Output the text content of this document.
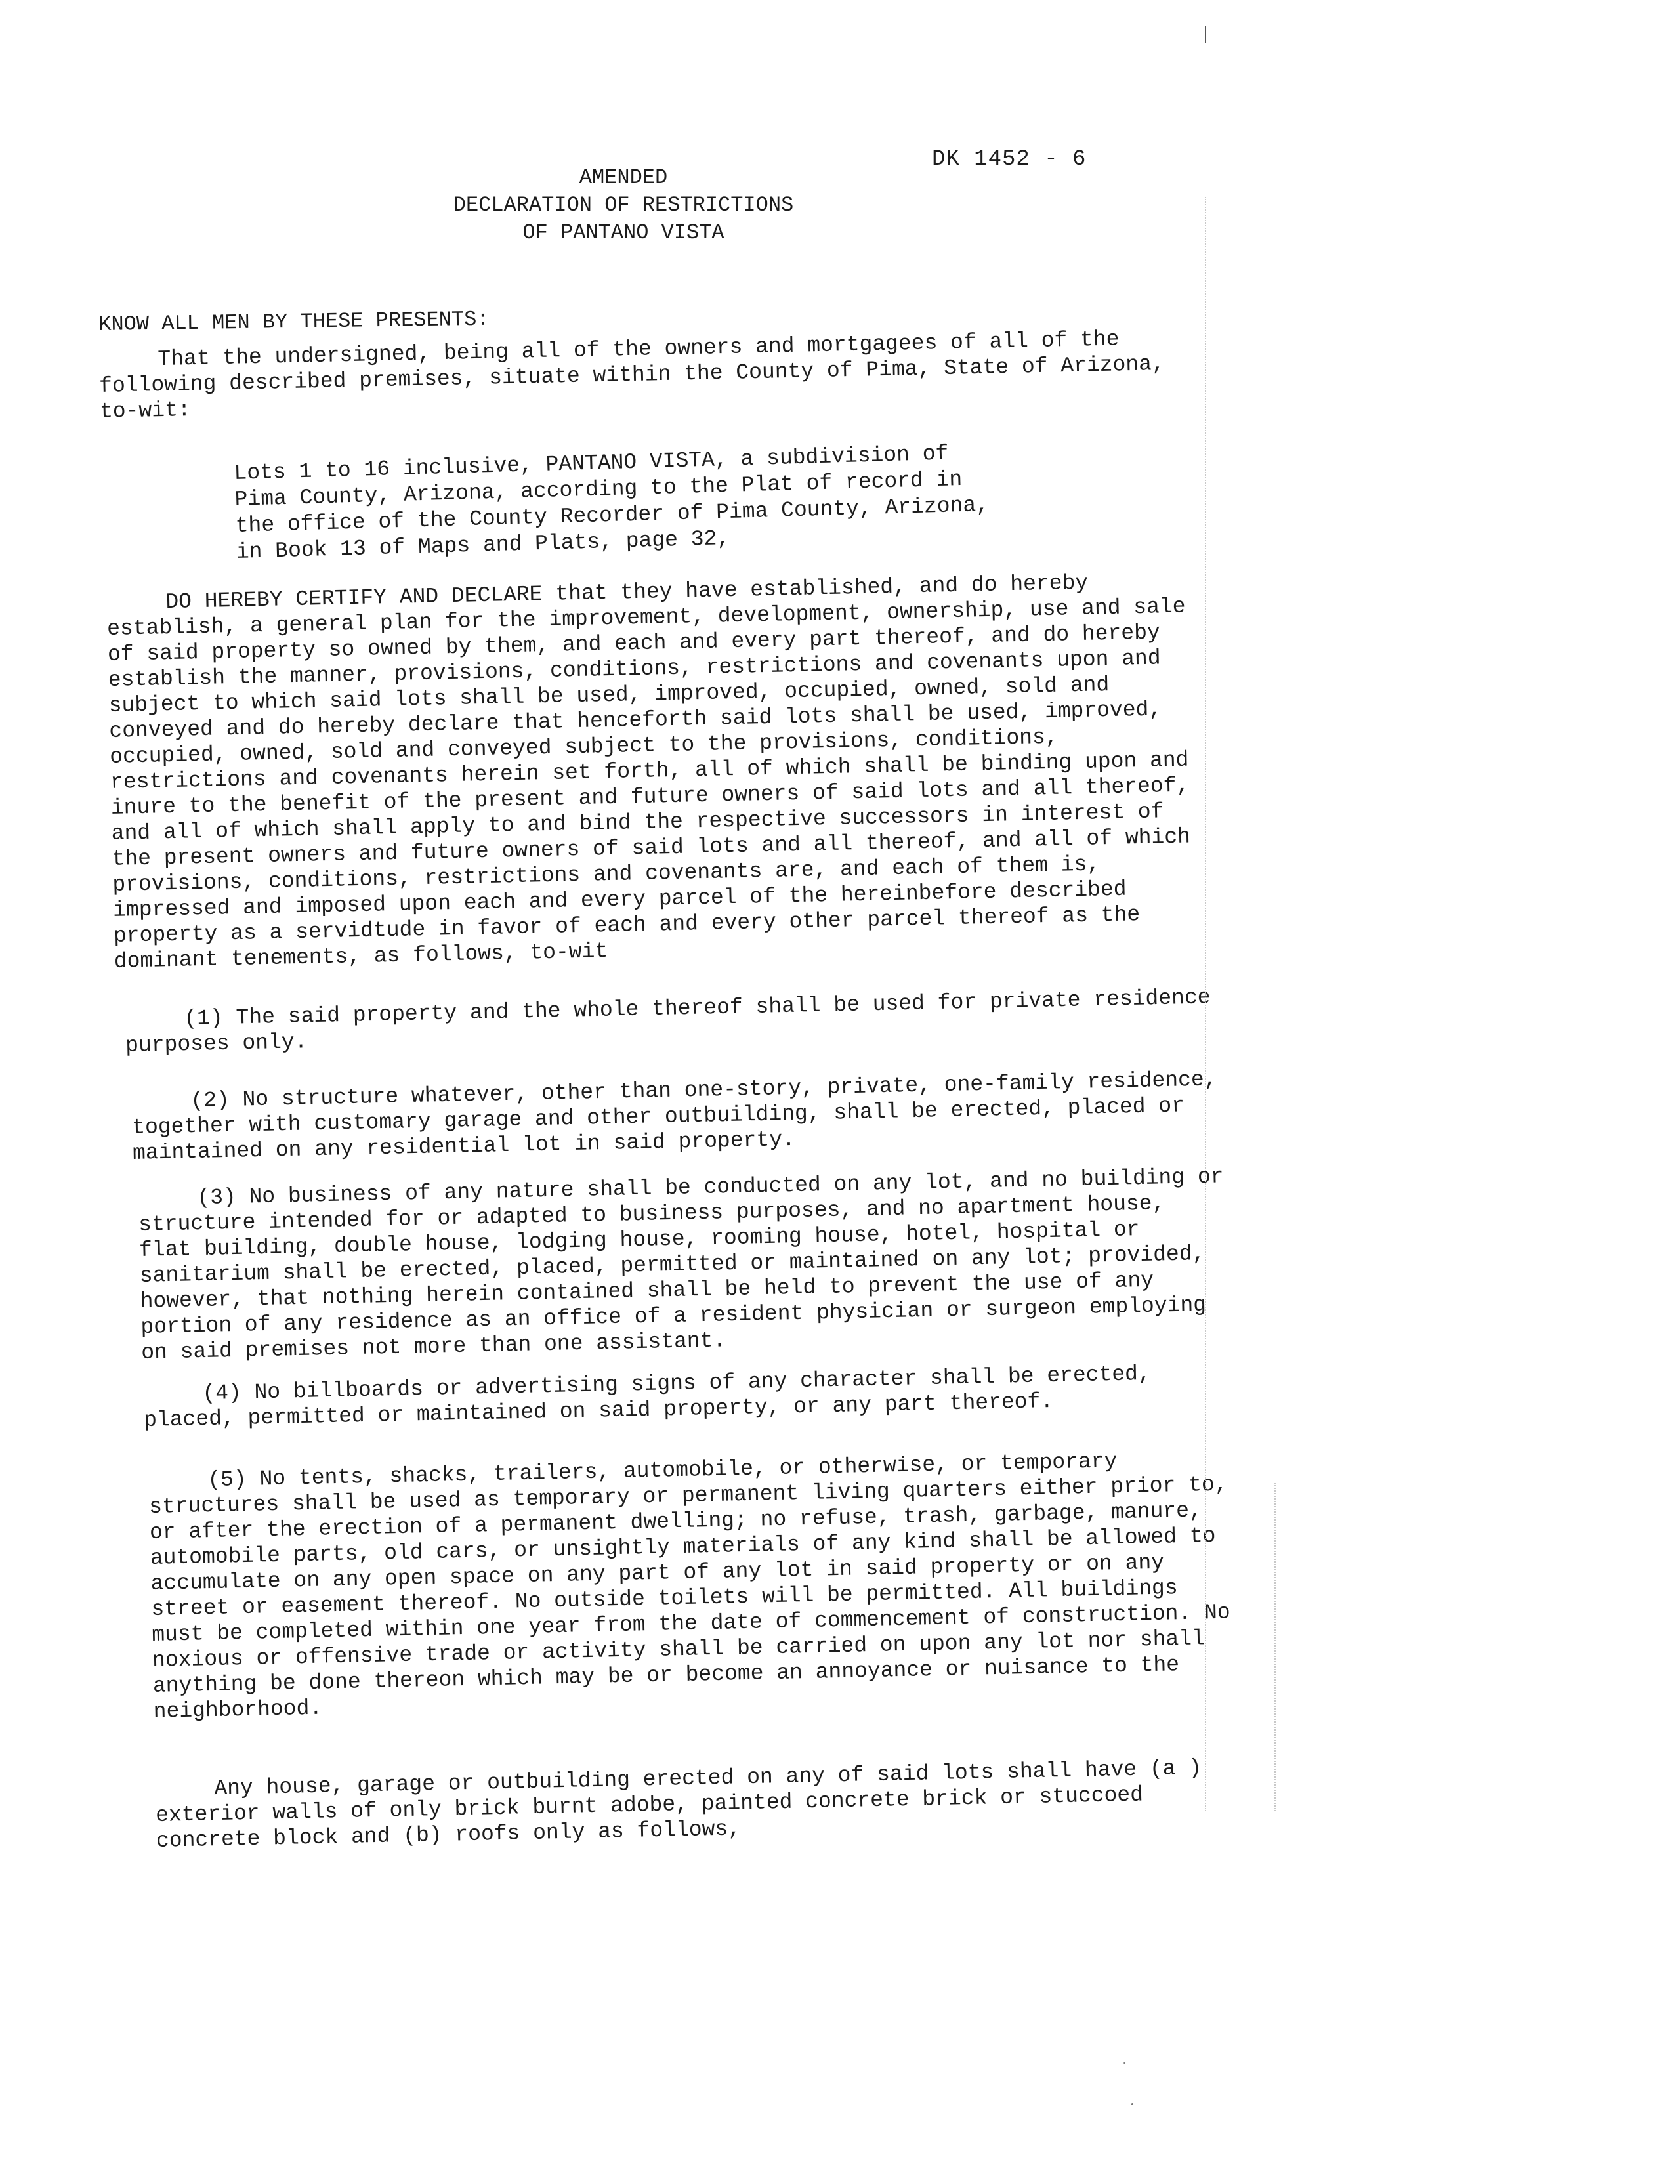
DK 1452 - 6
AMENDED
DECLARATION OF RESTRICTIONS
OF PANTANO VISTA
KNOW ALL MEN BY THESE PRESENTS:
That the undersigned, being all of the owners and mortgagees of all of the following described premises, situate within the County of Pima, State of Arizona, to-wit:
Lots 1 to 16 inclusive, PANTANO VISTA, a subdivision of
Pima County, Arizona, according to the Plat of record in
the office of the County Recorder of Pima County, Arizona,
in Book 13 of Maps and Plats, page 32,
DO HEREBY CERTIFY AND DECLARE that they have established, and do hereby establish, a general plan for the improvement, development, ownership, use and sale of said property so owned by them, and each and every part thereof, and do hereby establish the manner, provisions, conditions, restrictions and covenants upon and subject to which said lots shall be used, improved, occupied, owned, sold and conveyed and do hereby declare that henceforth said lots shall be used, improved, occupied, owned, sold and conveyed subject to the provisions, conditions, restrictions and covenants herein set forth, all of which shall be binding upon and inure to the benefit of the present and future owners of said lots and all thereof, and all of which shall apply to and bind the respective successors in interest of the present owners and future owners of said lots and all thereof, and all of which provisions, conditions, restrictions and covenants are, and each of them is, impressed and imposed upon each and every parcel of the hereinbefore described property as a servidtude in favor of each and every other parcel thereof as the dominant tenements, as follows, to-wit
(1) The said property and the whole thereof shall be used for private residence purposes only.
(2) No structure whatever, other than one-story, private, one-family residence, together with customary garage and other outbuilding, shall be erected, placed or maintained on any residential lot in said property.
(3) No business of any nature shall be conducted on any lot, and no building or structure intended for or adapted to business purposes, and no apartment house, flat building, double house, lodging house, rooming house, hotel, hospital or sanitarium shall be erected, placed, permitted or maintained on any lot; provided, however, that nothing herein contained shall be held to prevent the use of any portion of any residence as an office of a resident physician or surgeon employing on said premises not more than one assistant.
(4) No billboards or advertising signs of any character shall be erected, placed, permitted or maintained on said property, or any part thereof.
(5) No tents, shacks, trailers, automobile, or otherwise, or temporary structures shall be used as temporary or permanent living quarters either prior to, or after the erection of a permanent dwelling; no refuse, trash, garbage, manure, automobile parts, old cars, or unsightly materials of any kind shall be allowed to accumulate on any open space on any part of any lot in said property or on any street or easement thereof. No outside toilets will be permitted. All buildings must be completed within one year from the date of commencement of construction. No noxious or offensive trade or activity shall be carried on upon any lot nor shall anything be done thereon which may be or become an annoyance or nuisance to the neighborhood.
Any house, garage or outbuilding erected on any of said lots shall have (a ) exterior walls of only brick burnt adobe, painted concrete brick or stuccoed concrete block and (b) roofs only as follows,
